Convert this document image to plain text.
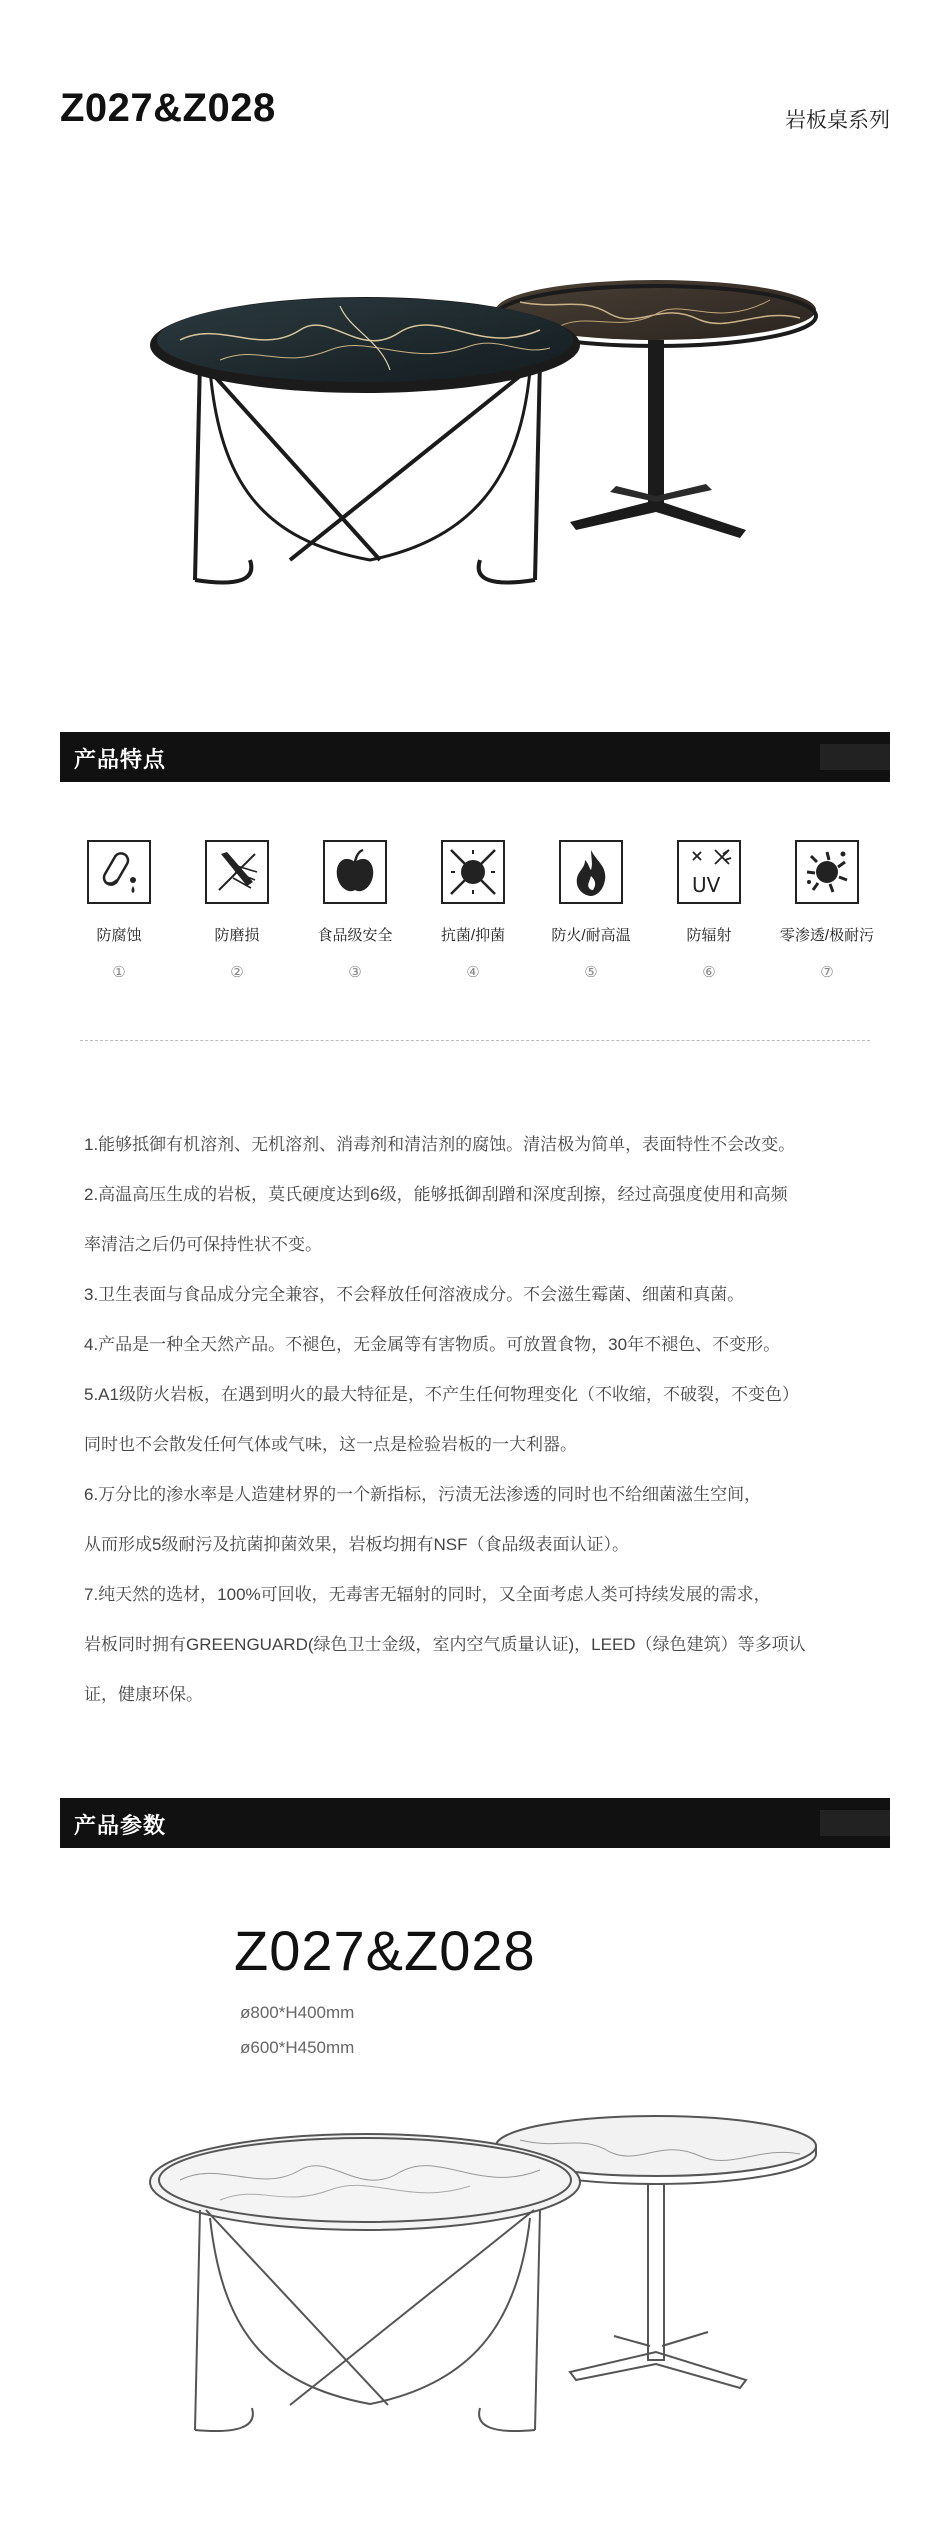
Z027&Z028	岩板桌系列
产品特点
防腐蚀
①
防磨损
②
食品级安全
③
抗菌/抑菌
④
防火/耐高温
⑤
UV
防辐射
⑥
零渗透/极耐污
⑦

1.能够抵御有机溶剂、无机溶剂、消毒剂和清洁剂的腐蚀。清洁极为简单，表面特性不会改变。

2.高温高压生成的岩板，莫氏硬度达到6级，能够抵御刮蹭和深度刮擦，经过高强度使用和高频

率清洁之后仍可保持性状不变。

3.卫生表面与食品成分完全兼容，不会释放任何溶液成分。不会滋生霉菌、细菌和真菌。

4.产品是一种全天然产品。不褪色，无金属等有害物质。可放置食物，30年不褪色、不变形。

5.A1级防火岩板，在遇到明火的最大特征是，不产生任何物理变化（不收缩，不破裂，不变色）

同时也不会散发任何气体或气味，这一点是检验岩板的一大利器。

6.万分比的渗水率是人造建材界的一个新指标，污渍无法渗透的同时也不给细菌滋生空间，

从而形成5级耐污及抗菌抑菌效果，岩板均拥有NSF（食品级表面认证）。

7.纯天然的选材，100%可回收，无毒害无辐射的同时，又全面考虑人类可持续发展的需求，

岩板同时拥有GREENGUARD(绿色卫士金级，室内空气质量认证)，LEED（绿色建筑）等多项认

证，健康环保。

产品参数
Z027&Z028
ø800*H400mm
ø600*H450mm
